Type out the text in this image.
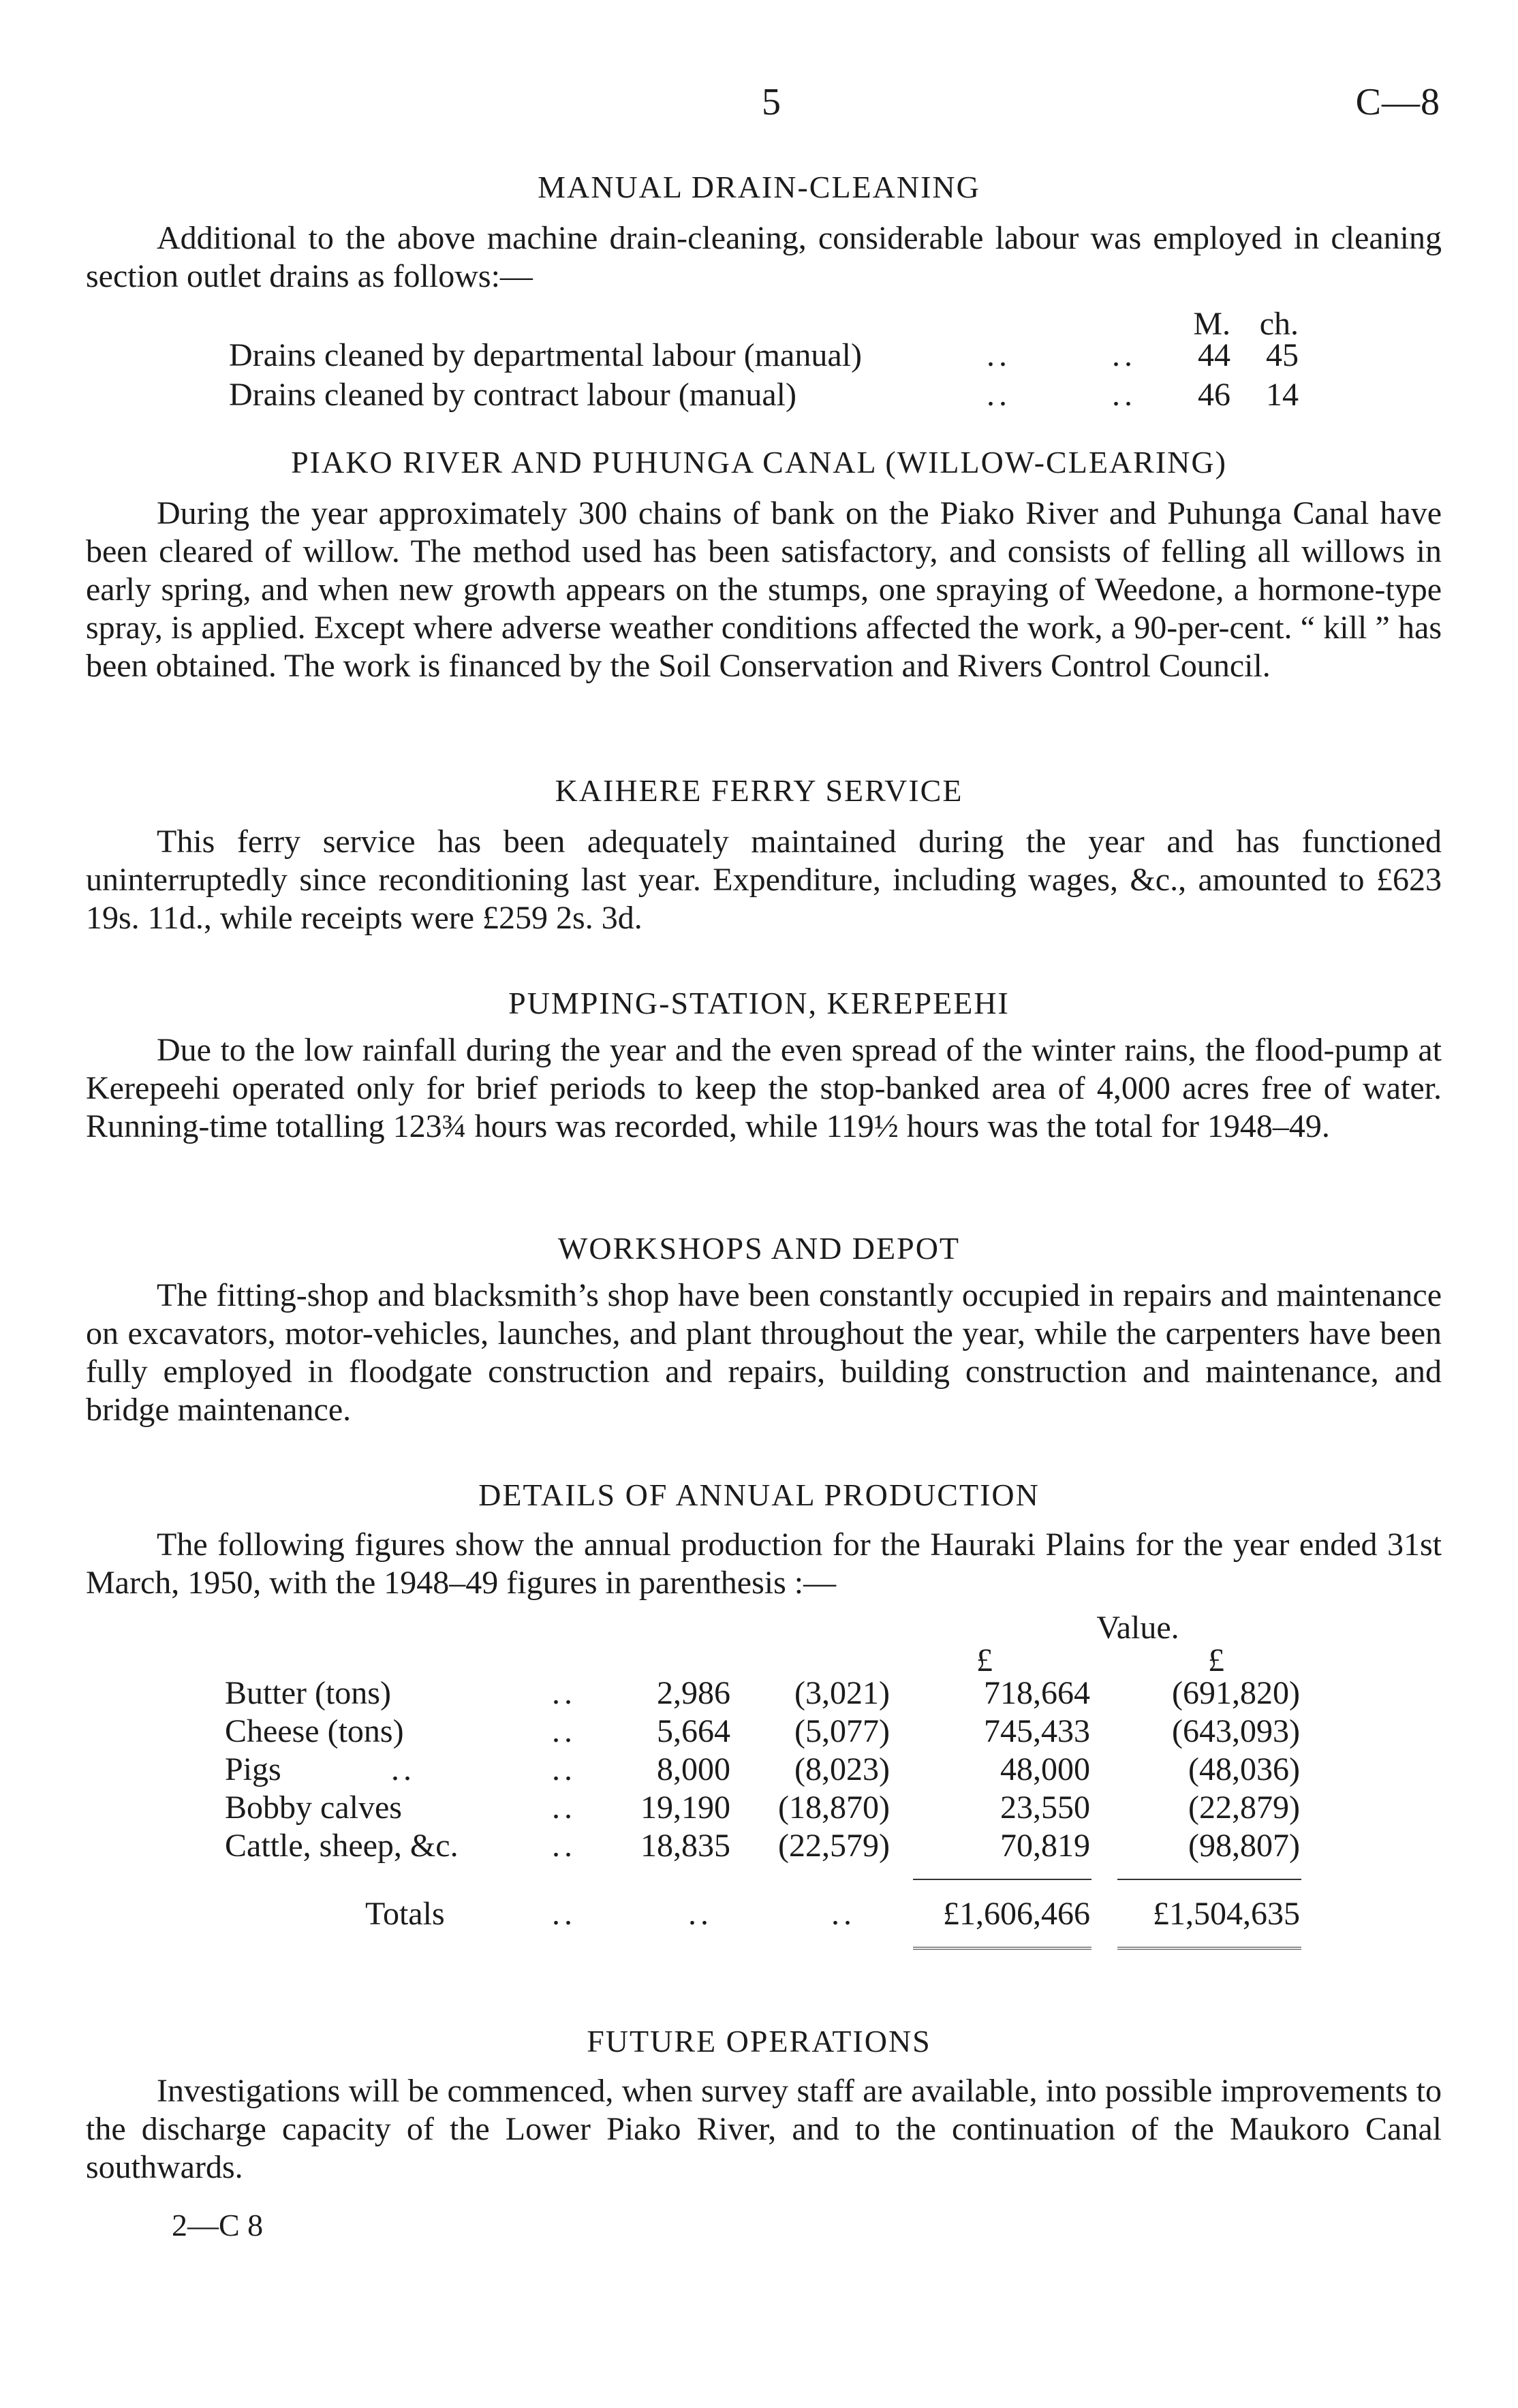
5	C—8
MANUAL DRAIN-CLEANING

Additional to the above machine drain-cleaning, considerable labour was employed in cleaning section outlet drains as follows:—

M. ch.
Drains cleaned by departmental labour (manual)	..	..	44	45
Drains cleaned by contract labour (manual)	..	..	46	14
PIAKO RIVER AND PUHUNGA CANAL (WILLOW-CLEARING)

During the year approximately 300 chains of bank on the Piako River and Puhunga Canal have been cleared of willow. The method used has been satisfactory, and consists of felling all willows in early spring, and when new growth appears on the stumps, one spraying of Weedone, a hormone-type spray, is applied. Except where adverse weather conditions affected the work, a 90-per-cent. “ kill ” has been obtained. The work is financed by the Soil Conservation and Rivers Control Council.

KAIHERE FERRY SERVICE

This ferry service has been adequately maintained during the year and has functioned uninterruptedly since reconditioning last year. Expenditure, including wages, &c., amounted to £623 19s. 11d., while receipts were £259 2s. 3d.

PUMPING-STATION, KEREPEEHI

Due to the low rainfall during the year and the even spread of the winter rains, the flood-pump at Kerepeehi operated only for brief periods to keep the stop-banked area of 4,000 acres free of water. Running-time totalling 123¾ hours was recorded, while 119½ hours was the total for 1948–49.

WORKSHOPS AND DEPOT

The fitting-shop and blacksmith’s shop have been constantly occupied in repairs and maintenance on excavators, motor-vehicles, launches, and plant throughout the year, while the carpenters have been fully employed in floodgate construction and repairs, building construction and maintenance, and bridge maintenance.

DETAILS OF ANNUAL PRODUCTION

The following figures show the annual production for the Hauraki Plains for the year ended 31st March, 1950, with the 1948–49 figures in parenthesis :—

Value.
£	£
Butter (tons)	..	2,986	(3,021)	718,664	(691,820)
Cheese (tons)	..	5,664	(5,077)	745,433	(643,093)
Pigs	..	..	8,000	(8,023)	48,000	(48,036)
Bobby calves	..	19,190	(18,870)	23,550	(22,879)
Cattle, sheep, &c.	..	18,835	(22,579)	70,819	(98,807)
Totals	..	..	..	£1,606,466	£1,504,635
FUTURE OPERATIONS

Investigations will be commenced, when survey staff are available, into possible improvements to the discharge capacity of the Lower Piako River, and to the continuation of the Maukoro Canal southwards.

2—C 8
